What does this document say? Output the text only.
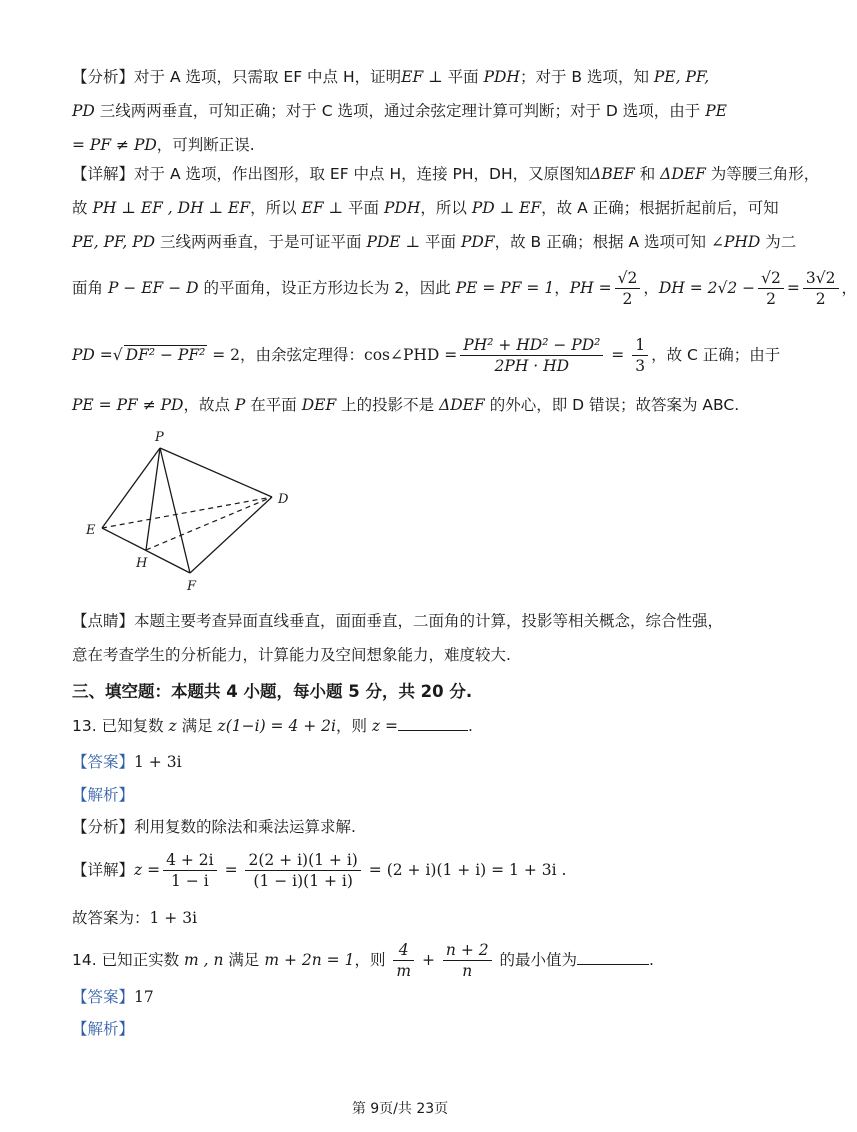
【分析】对于 A 选项，只需取 EF 中点 H，证明EF ⊥ 平面 PDH；对于 B 选项，知 PE, PF, PD 三线两两垂直，可知正确；对于 C 选项，通过余弦定理计算可判断；对于 D 选项，由于 PE = PF ≠ PD，可判断正误.

【详解】对于 A 选项，作出图形，取 EF 中点 H，连接 PH，DH，又原图知ΔBEF 和 ΔDEF 为等腰三角形，
故 PH ⊥ EF , DH ⊥ EF，所以 EF ⊥ 平面 PDH，所以 PD ⊥ EF，故 A 正确；根据折起前后，可知
PE, PF, PD 三线两两垂直，于是可证平面 PDE ⊥ 平面 PDF，故 B 正确；根据 A 选项可知 ∠PHD 为二
面角 P − EF − D 的平面角，设正方形边长为 2，因此 PE = PF = 1，PH = $\frac{√2}{2}$ ，DH = $2√2 - \frac{√2}{2} = \frac{3√2}{2}$ ，
PD =√ DF² − PF² = 2，由余弦定理得：cos∠PHD = $\frac{\text{PH² + HD² − PD²}}{2PH \cdot HD} = \frac{1}{3}$ ，故 C 正确；由于
PE = PF ≠ PD，故点 P 在平面 DEF 上的投影不是 ΔDEF 的外心，即 D 错误；故答案为 ABC.
P
D
E
H
F

【点睛】本题主要考查异面直线垂直，面面垂直，二面角的计算，投影等相关概念，综合性强，意在考查学生的分析能力，计算能力及空间想象能力，难度较大.

三、填空题：本题共 4 小题，每小题 5 分，共 20 分.
13. 已知复数 z 满足 z(1−i) = 4 + 2i，则 z =	.
【答案】1 + 3i
【解析】
【分析】利用复数的除法和乘法运算求解.
【详解】$z = \frac{4 + 2i}{1 - i} = \frac{2(2 + i)(1 + i)}{(1 - i)(1 + i)} = (2 + i)(1 + i) = 1 + 3i$ .
故答案为：1 + 3i
14. 已知正实数 m , n 满足 m + 2n = 1，则 $\frac{4}{m} + \frac{n + 2}{n}$ 的最小值为	.
【答案】17
【解析】
第 9页/共 23页
